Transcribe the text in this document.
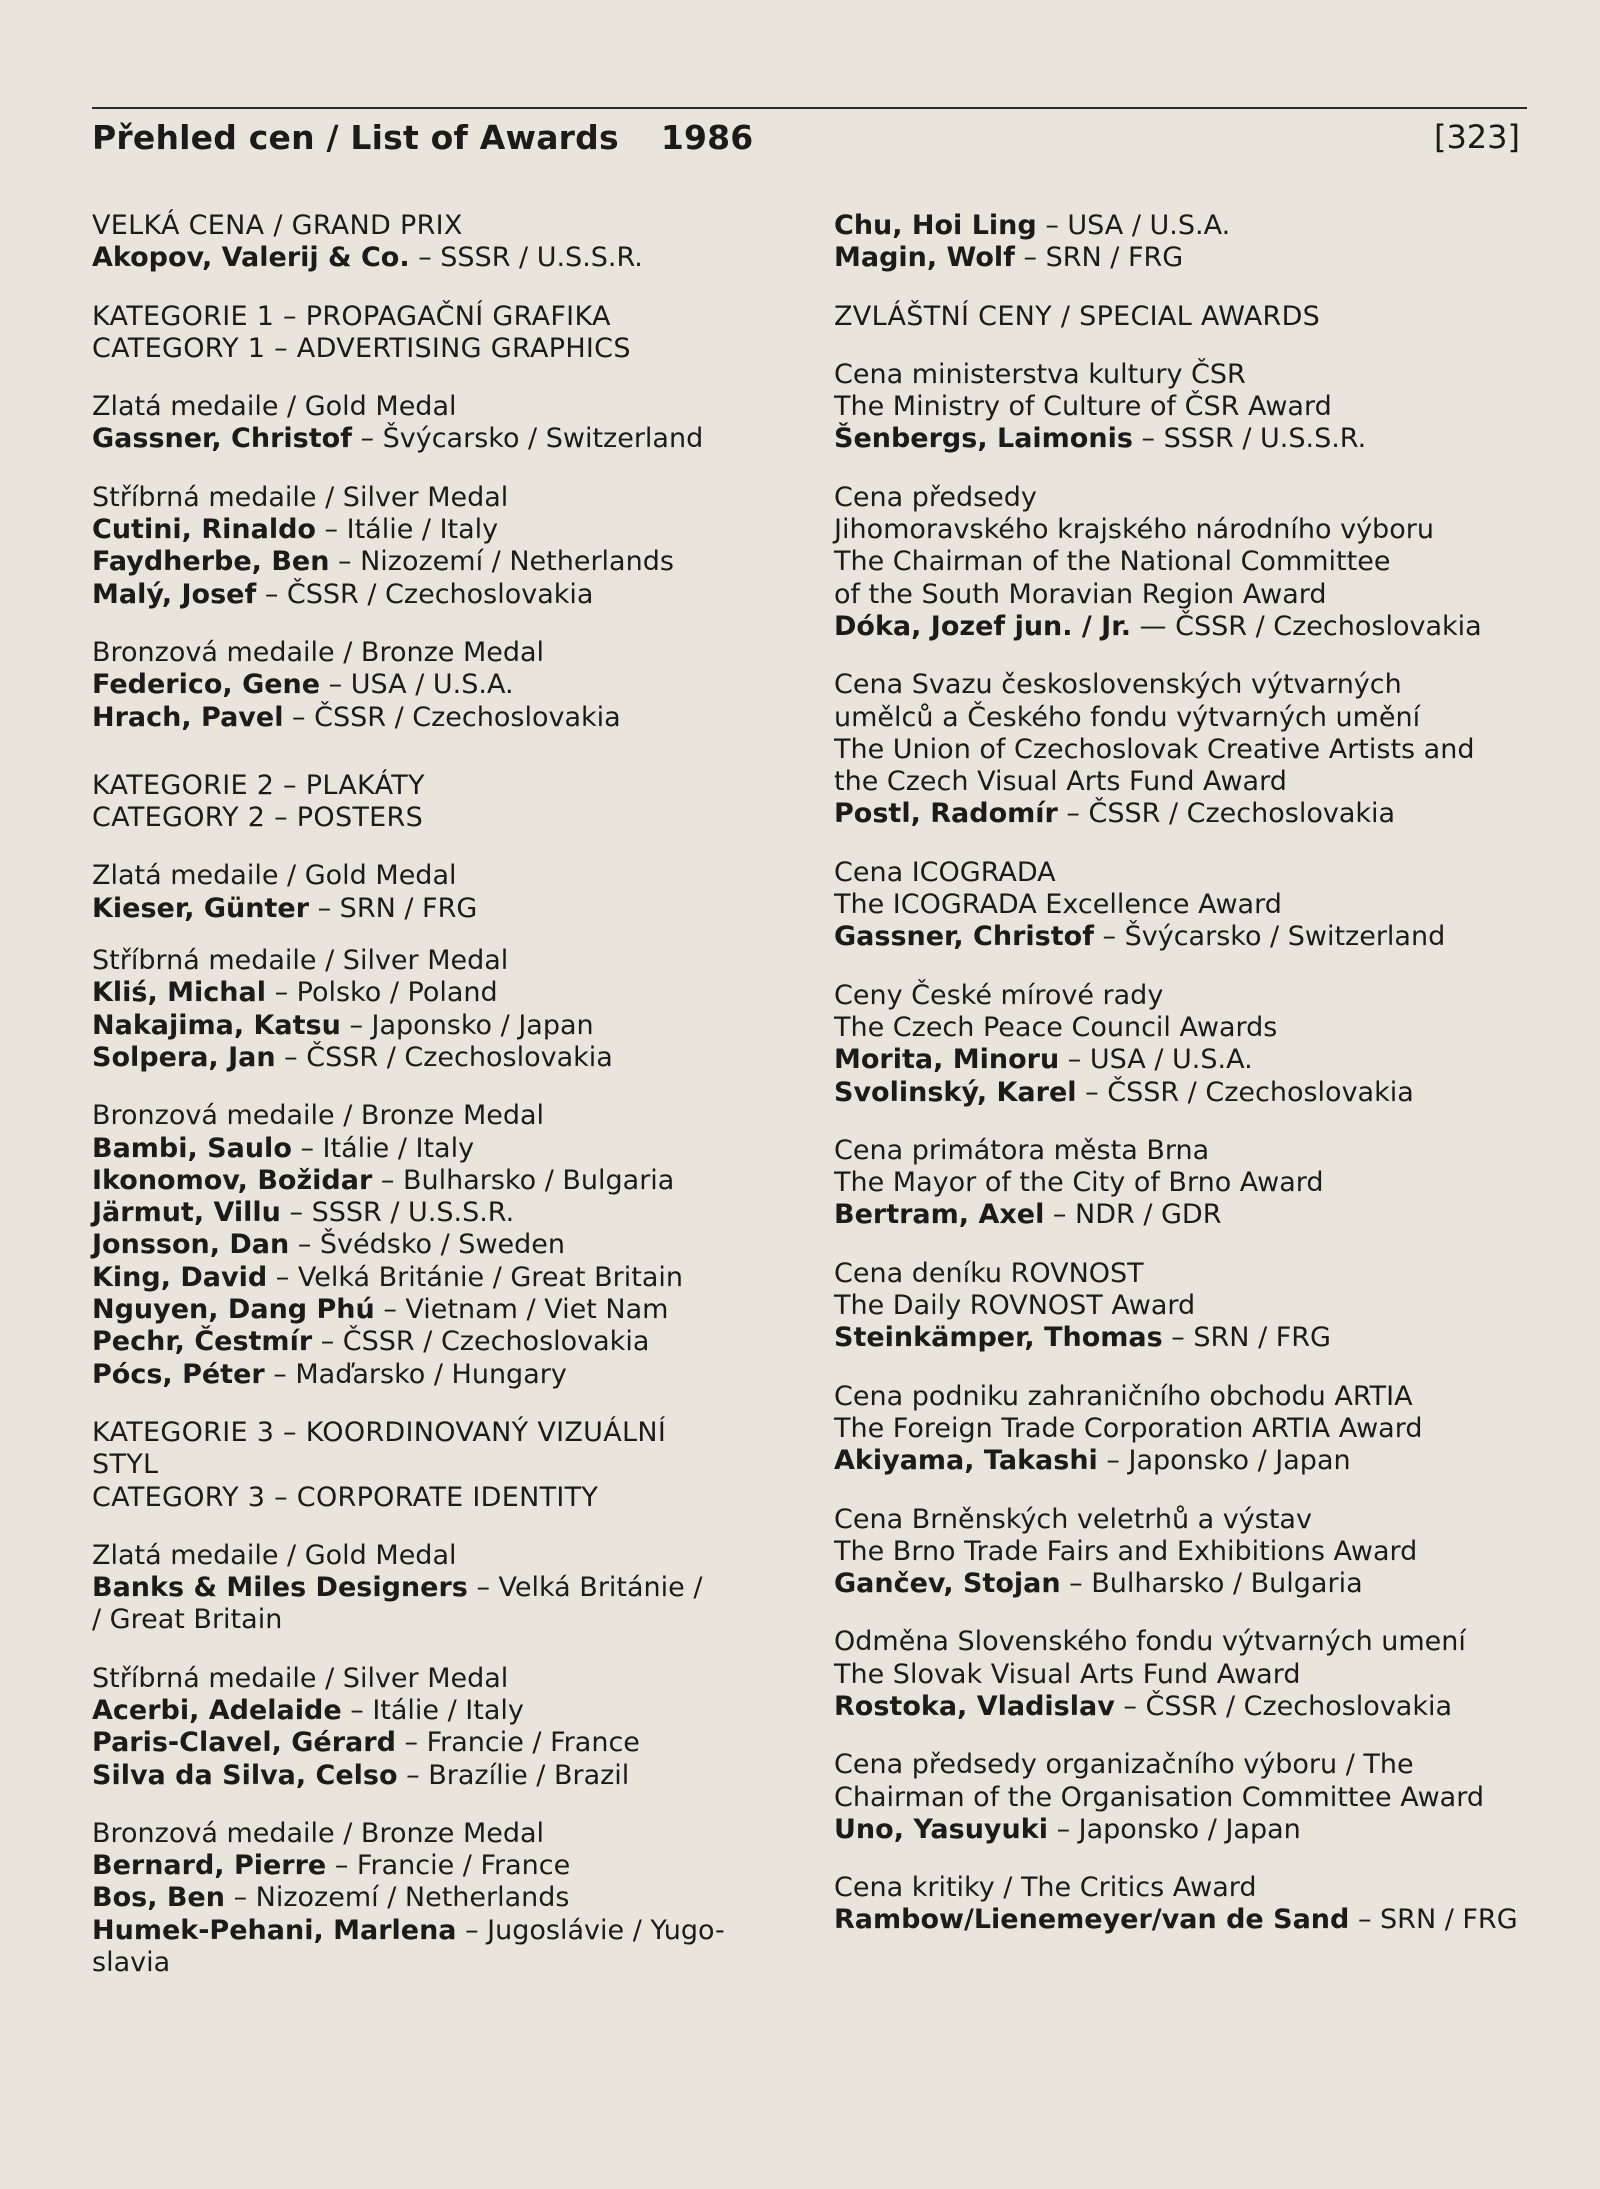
Přehled cen / List of Awards 1986	[323]
VELKÁ CENA / GRAND PRIX
Akopov, Valerij & Co. – SSSR / U.S.S.R.
KATEGORIE 1 – PROPAGAČNÍ GRAFIKA
CATEGORY 1 – ADVERTISING GRAPHICS
Zlatá medaile / Gold Medal
Gassner, Christof – Švýcarsko / Switzerland
Stříbrná medaile / Silver Medal
Cutini, Rinaldo – Itálie / Italy
Faydherbe, Ben – Nizozemí / Netherlands
Malý, Josef – ČSSR / Czechoslovakia
Bronzová medaile / Bronze Medal
Federico, Gene – USA / U.S.A.
Hrach, Pavel – ČSSR / Czechoslovakia
KATEGORIE 2 – PLAKÁTY
CATEGORY 2 – POSTERS
Zlatá medaile / Gold Medal
Kieser, Günter – SRN / FRG
Stříbrná medaile / Silver Medal
Kliś, Michal – Polsko / Poland
Nakajima, Katsu – Japonsko / Japan
Solpera, Jan – ČSSR / Czechoslovakia
Bronzová medaile / Bronze Medal
Bambi, Saulo – Itálie / Italy
Ikonomov, Božidar – Bulharsko / Bulgaria
Järmut, Villu – SSSR / U.S.S.R.
Jonsson, Dan – Švédsko / Sweden
King, David – Velká Británie / Great Britain
Nguyen, Dang Phú – Vietnam / Viet Nam
Pechr, Čestmír – ČSSR / Czechoslovakia
Pócs, Péter – Maďarsko / Hungary
KATEGORIE 3 – KOORDINOVANÝ VIZUÁLNÍ
STYL
CATEGORY 3 – CORPORATE IDENTITY
Zlatá medaile / Gold Medal
Banks & Miles Designers – Velká Británie /
/ Great Britain
Stříbrná medaile / Silver Medal
Acerbi, Adelaide – Itálie / Italy
Paris-Clavel, Gérard – Francie / France
Silva da Silva, Celso – Brazílie / Brazil
Bronzová medaile / Bronze Medal
Bernard, Pierre – Francie / France
Bos, Ben – Nizozemí / Netherlands
Humek-Pehani, Marlena – Jugoslávie / Yugo-
slavia
Chu, Hoi Ling – USA / U.S.A.
Magin, Wolf – SRN / FRG
ZVLÁŠTNÍ CENY / SPECIAL AWARDS
Cena ministerstva kultury ČSR
The Ministry of Culture of ČSR Award
Šenbergs, Laimonis – SSSR / U.S.S.R.
Cena předsedy
Jihomoravského krajského národního výboru
The Chairman of the National Committee
of the South Moravian Region Award
Dóka, Jozef jun. / Jr. — ČSSR / Czechoslovakia
Cena Svazu československých výtvarných
umělců a Českého fondu výtvarných umění
The Union of Czechoslovak Creative Artists and
the Czech Visual Arts Fund Award
Postl, Radomír – ČSSR / Czechoslovakia
Cena ICOGRADA
The ICOGRADA Excellence Award
Gassner, Christof – Švýcarsko / Switzerland
Ceny České mírové rady
The Czech Peace Council Awards
Morita, Minoru – USA / U.S.A.
Svolinský, Karel – ČSSR / Czechoslovakia
Cena primátora města Brna
The Mayor of the City of Brno Award
Bertram, Axel – NDR / GDR
Cena deníku ROVNOST
The Daily ROVNOST Award
Steinkämper, Thomas – SRN / FRG
Cena podniku zahraničního obchodu ARTIA
The Foreign Trade Corporation ARTIA Award
Akiyama, Takashi – Japonsko / Japan
Cena Brněnských veletrhů a výstav
The Brno Trade Fairs and Exhibitions Award
Gančev, Stojan – Bulharsko / Bulgaria
Odměna Slovenského fondu výtvarných umení
The Slovak Visual Arts Fund Award
Rostoka, Vladislav – ČSSR / Czechoslovakia
Cena předsedy organizačního výboru / The
Chairman of the Organisation Committee Award
Uno, Yasuyuki – Japonsko / Japan
Cena kritiky / The Critics Award
Rambow/Lienemeyer/van de Sand – SRN / FRG
